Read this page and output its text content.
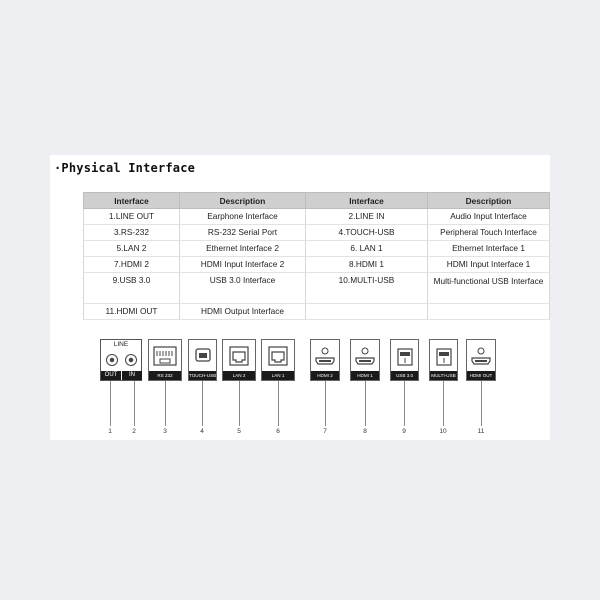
·Physical Interface
Interface	Description	Interface	Description
1.LINE OUT	Earphone Interface	2.LINE IN	Audio Input Interface
3.RS-232	RS-232 Serial Port	4.TOUCH-USB	Peripheral Touch Interface
5.LAN 2	Ethernet Interface 2	6. LAN 1	Ethernet Interface 1
7.HDMI 2	HDMI Input Interface 2	8.HDMI 1	HDMI Input Interface 1
9.USB 3.0	USB 3.0 Interface	10.MULTI-USB	Multi-functional USB Interface
11.HDMI OUT	HDMI Output Interface		
LINE
OUT	IN	RS 232	TOUCH-USB	LAN 2	LAN 1	HDMI 2	HDMI 1	USB 3.0	MULTI-USB	HDMI OUT
1	2	3	4	5	6	7	8	9	10	11
